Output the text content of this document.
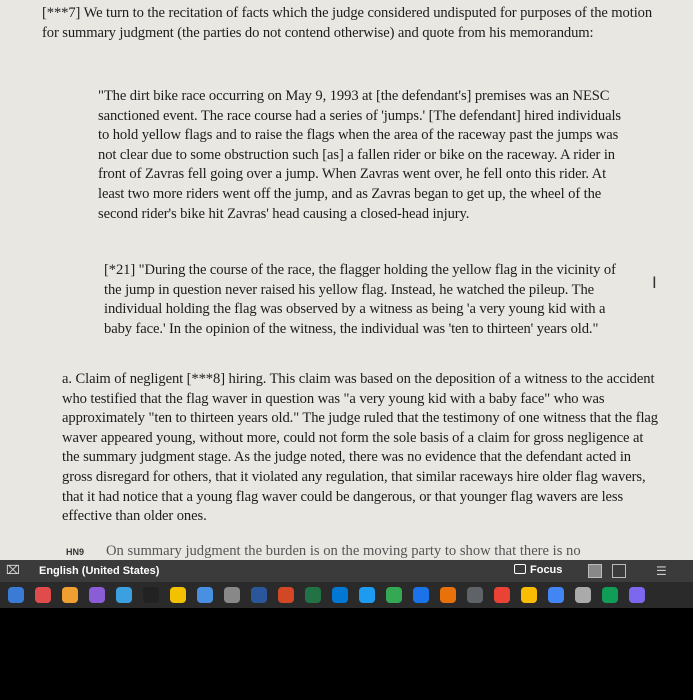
[***7] We turn to the recitation of facts which the judge considered undisputed for purposes of the motion for summary judgment (the parties do not contend otherwise) and quote from his memorandum:
"The dirt bike race occurring on May 9, 1993 at [the defendant's] premises was an NESC sanctioned event. The race course had a series of 'jumps.' [The defendant] hired individuals to hold yellow flags and to raise the flags when the area of the raceway past the jumps was not clear due to some obstruction such [as] a fallen rider or bike on the raceway. A rider in front of Zavras fell going over a jump. When Zavras went over, he fell onto this rider. At least two more riders went off the jump, and as Zavras began to get up, the wheel of the second rider's bike hit Zavras' head causing a closed-head injury.
[*21] "During the course of the race, the flagger holding the yellow flag in the vicinity of the jump in question never raised his yellow flag. Instead, he watched the pileup. The individual holding the flag was observed by a witness as being 'a very young kid with a baby face.' In the opinion of the witness, the individual was 'ten to thirteen' years old."
a. Claim of negligent [***8] hiring. This claim was based on the deposition of a witness to the accident who testified that the flag waver in question was "a very young kid with a baby face" who was approximately "ten to thirteen years old." The judge ruled that the testimony of one witness that the flag waver appeared young, without more, could not form the sole basis of a claim for gross negligence at the summary judgment stage. As the judge noted, there was no evidence that the defendant acted in gross disregard for others, that it violated any regulation, that similar raceways hire older flag wavers, that it had notice that a young flag waver could be dangerous, or that younger flag wavers are less effective than older ones.
HN9 On summary judgment the burden is on the moving party to show that there is no
I
⌧ English (United States)	Focus	☰
